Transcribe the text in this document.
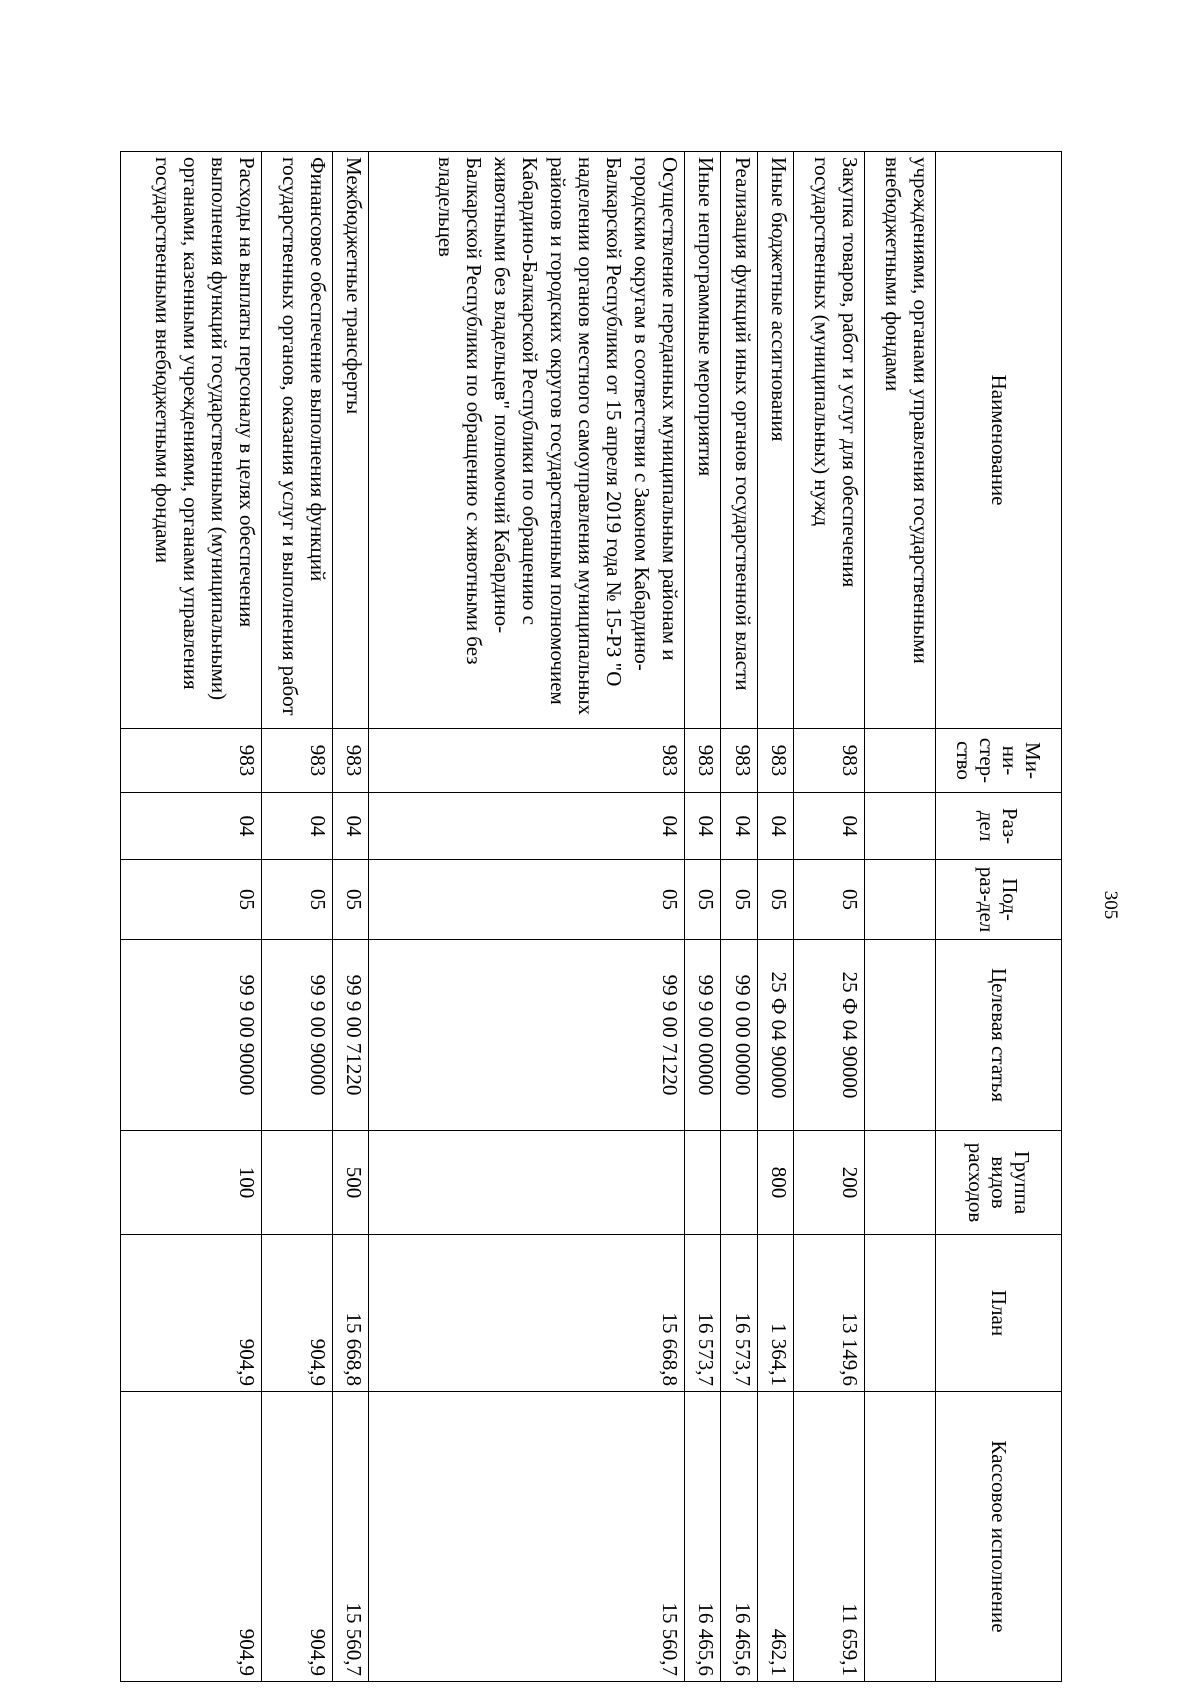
305
Наименование	Ми-ни-стер-ство	Раз-дел	Под-раз-дел	Целевая статья	Группа видов расходов	План	Кассовое исполнение
учреждениями, органами управления государственными внебюджетными фондами							
Закупка товаров, работ и услуг для обеспечения государственных (муниципальных) нужд	983	04	05	25 Ф 04 90000	200	13 149,6	11 659,1
Иные бюджетные ассигнования	983	04	05	25 Ф 04 90000	800	1 364,1	462,1
Реализация функций иных органов государственной власти	983	04	05	99 0 00 00000		16 573,7	16 465,6
Иные непрограммные мероприятия	983	04	05	99 9 00 00000		16 573,7	16 465,6
Осуществление переданных муниципальным районам и городским округам в соответствии с Законом Кабардино-Балкарской Республики от 15 апреля 2019 года № 15-РЗ "О наделении органов местного самоуправления муниципальных районов и городских округов государственным полномочием Кабардино-Балкарской Республики по обращению с животными без владельцев" полномочий Кабардино-Балкарской Республики по обращению с животными без владельцев	983	04	05	99 9 00 71220		15 668,8	15 560,7
Межбюджетные трансферты	983	04	05	99 9 00 71220	500	15 668,8	15 560,7
Финансовое обеспечение выполнения функций государственных органов, оказания услуг и выполнения работ	983	04	05	99 9 00 90000		904,9	904,9
Расходы на выплаты персоналу в целях обеспечения выполнения функций государственными (муниципальными) органами, казенными учреждениями, органами управления государственными внебюджетными фондами	983	04	05	99 9 00 90000	100	904,9	904,9
